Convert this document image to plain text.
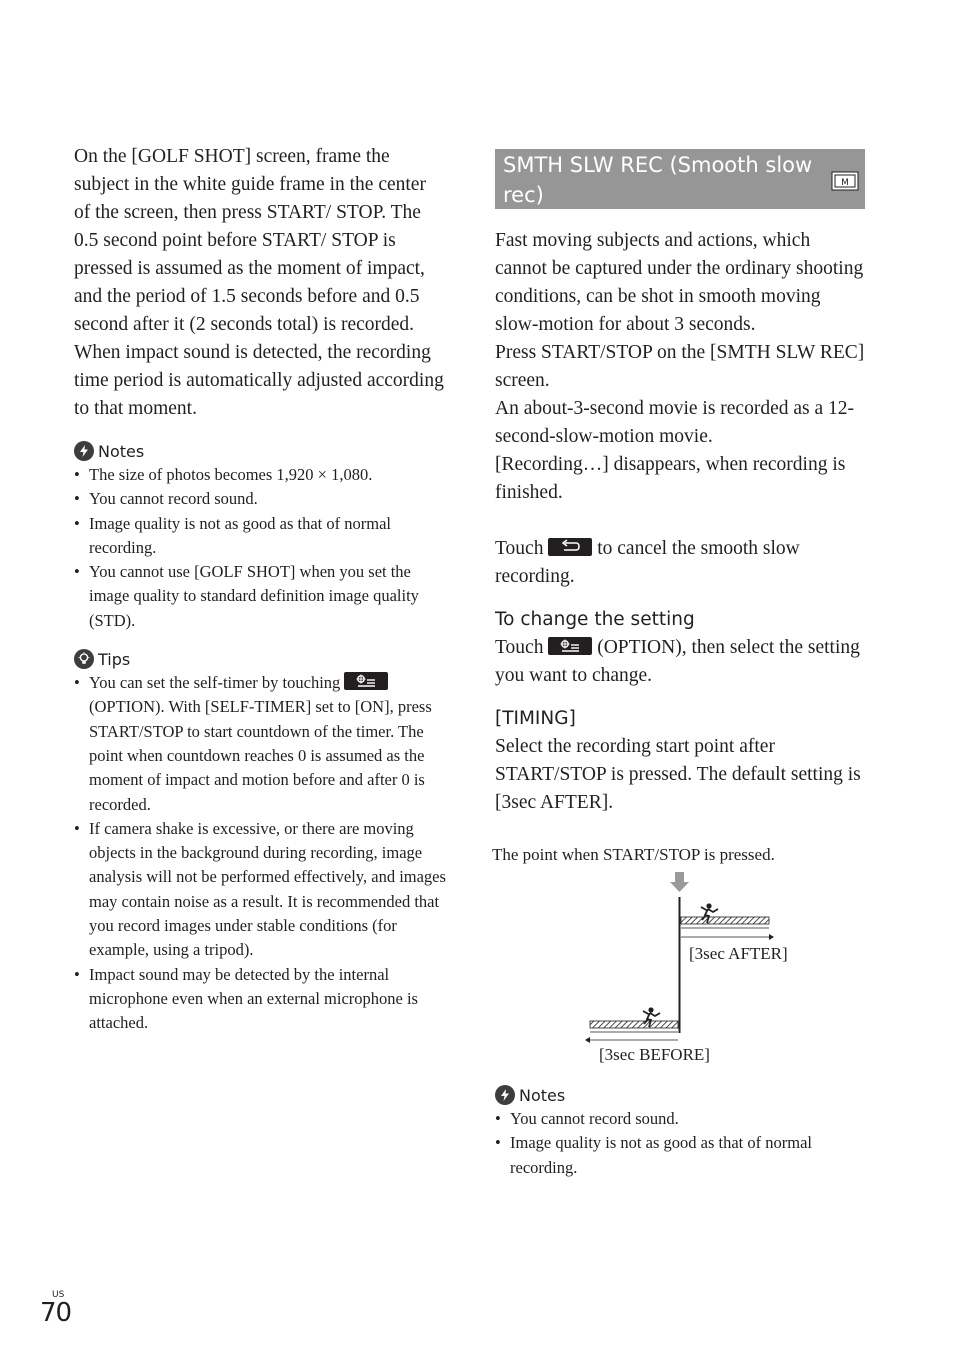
On the [GOLF SHOT] screen, frame the subject in the white guide frame in the center of the screen, then press START/ STOP. The 0.5 second point before START/ STOP is pressed is assumed as the moment of impact, and the period of 1.5 seconds before and 0.5 second after it (2 seconds total) is recorded. When impact sound is detected, the recording time period is automatically adjusted according to that moment.

Notes
• The size of photos becomes 1,920 × 1,080.
• You cannot record sound.
• Image quality is not as good as that of normal recording.
• You cannot use [GOLF SHOT] when you set the image quality to standard definition image quality (STD).
Tips
• You can set the self-timer by touching
(OPTION). With [SELF-TIMER] set to [ON], press START/STOP to start countdown of the timer. The point when countdown reaches 0 is assumed as the moment of impact and motion before and after 0 is recorded.
• If camera shake is excessive, or there are moving objects in the background during recording, image analysis will not be performed effectively, and images may contain noise as a result. It is recommended that you record images under stable conditions (for example, using a tripod).
• Impact sound may be detected by the internal microphone even when an external microphone is attached.
SMTH SLW REC (Smooth slow rec)	M

Fast moving subjects and actions, which cannot be captured under the ordinary shooting conditions, can be shot in smooth moving slow-motion for about 3 seconds.

Press START/STOP on the [SMTH SLW REC] screen.

An about-3-second movie is recorded as a 12-second-slow-motion movie.

[Recording…] disappears, when recording is finished.

Touch	to cancel the smooth slow recording.

To change the setting

Touch	(OPTION), then select the setting you want to change.

[TIMING]

Select the recording start point after START/STOP is pressed. The default setting is [3sec AFTER].

The point when START/STOP is pressed.
[3sec AFTER]
[3sec BEFORE]
Notes
• You cannot record sound.
• Image quality is not as good as that of normal recording.
US
70
